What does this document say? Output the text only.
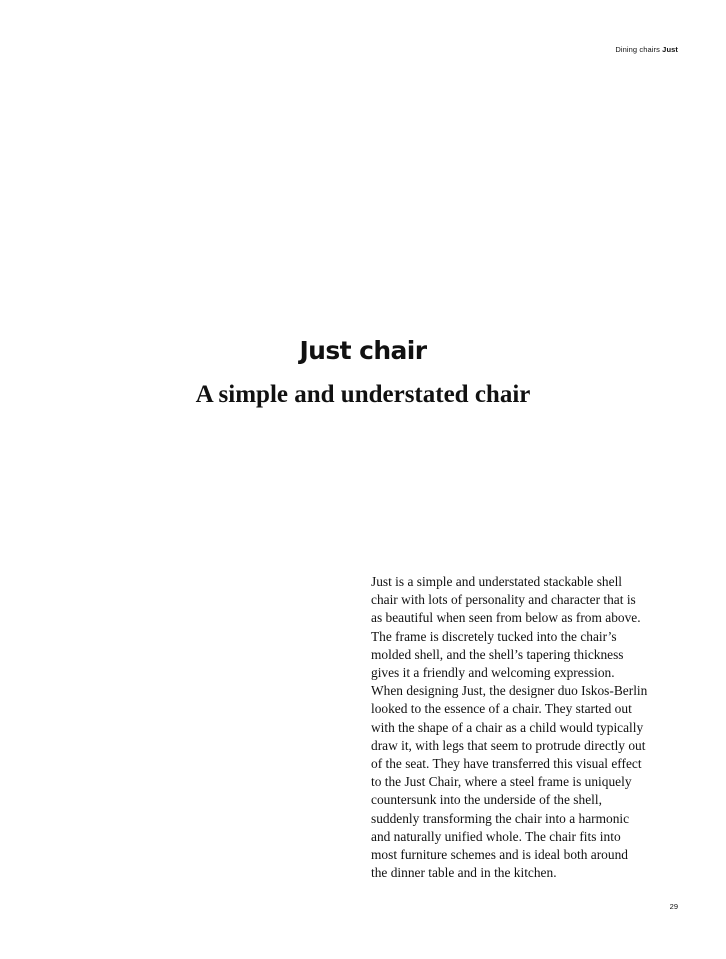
Dining chairs Just
Just chair
A simple and understated chair

Just is a simple and understated stackable shell
chair with lots of personality and character that is
as beautiful when seen from below as from above.
The frame is discretely tucked into the chair’s
molded shell, and the shell’s tapering thickness
gives it a friendly and welcoming expression.
When designing Just, the designer duo Iskos-Berlin
looked to the essence of a chair. They started out
with the shape of a chair as a child would typically
draw it, with legs that seem to protrude directly out
of the seat. They have transferred this visual effect
to the Just Chair, where a steel frame is uniquely
countersunk into the underside of the shell,
suddenly transforming the chair into a harmonic
and naturally unified whole. The chair fits into
most furniture schemes and is ideal both around
the dinner table and in the kitchen.

29
